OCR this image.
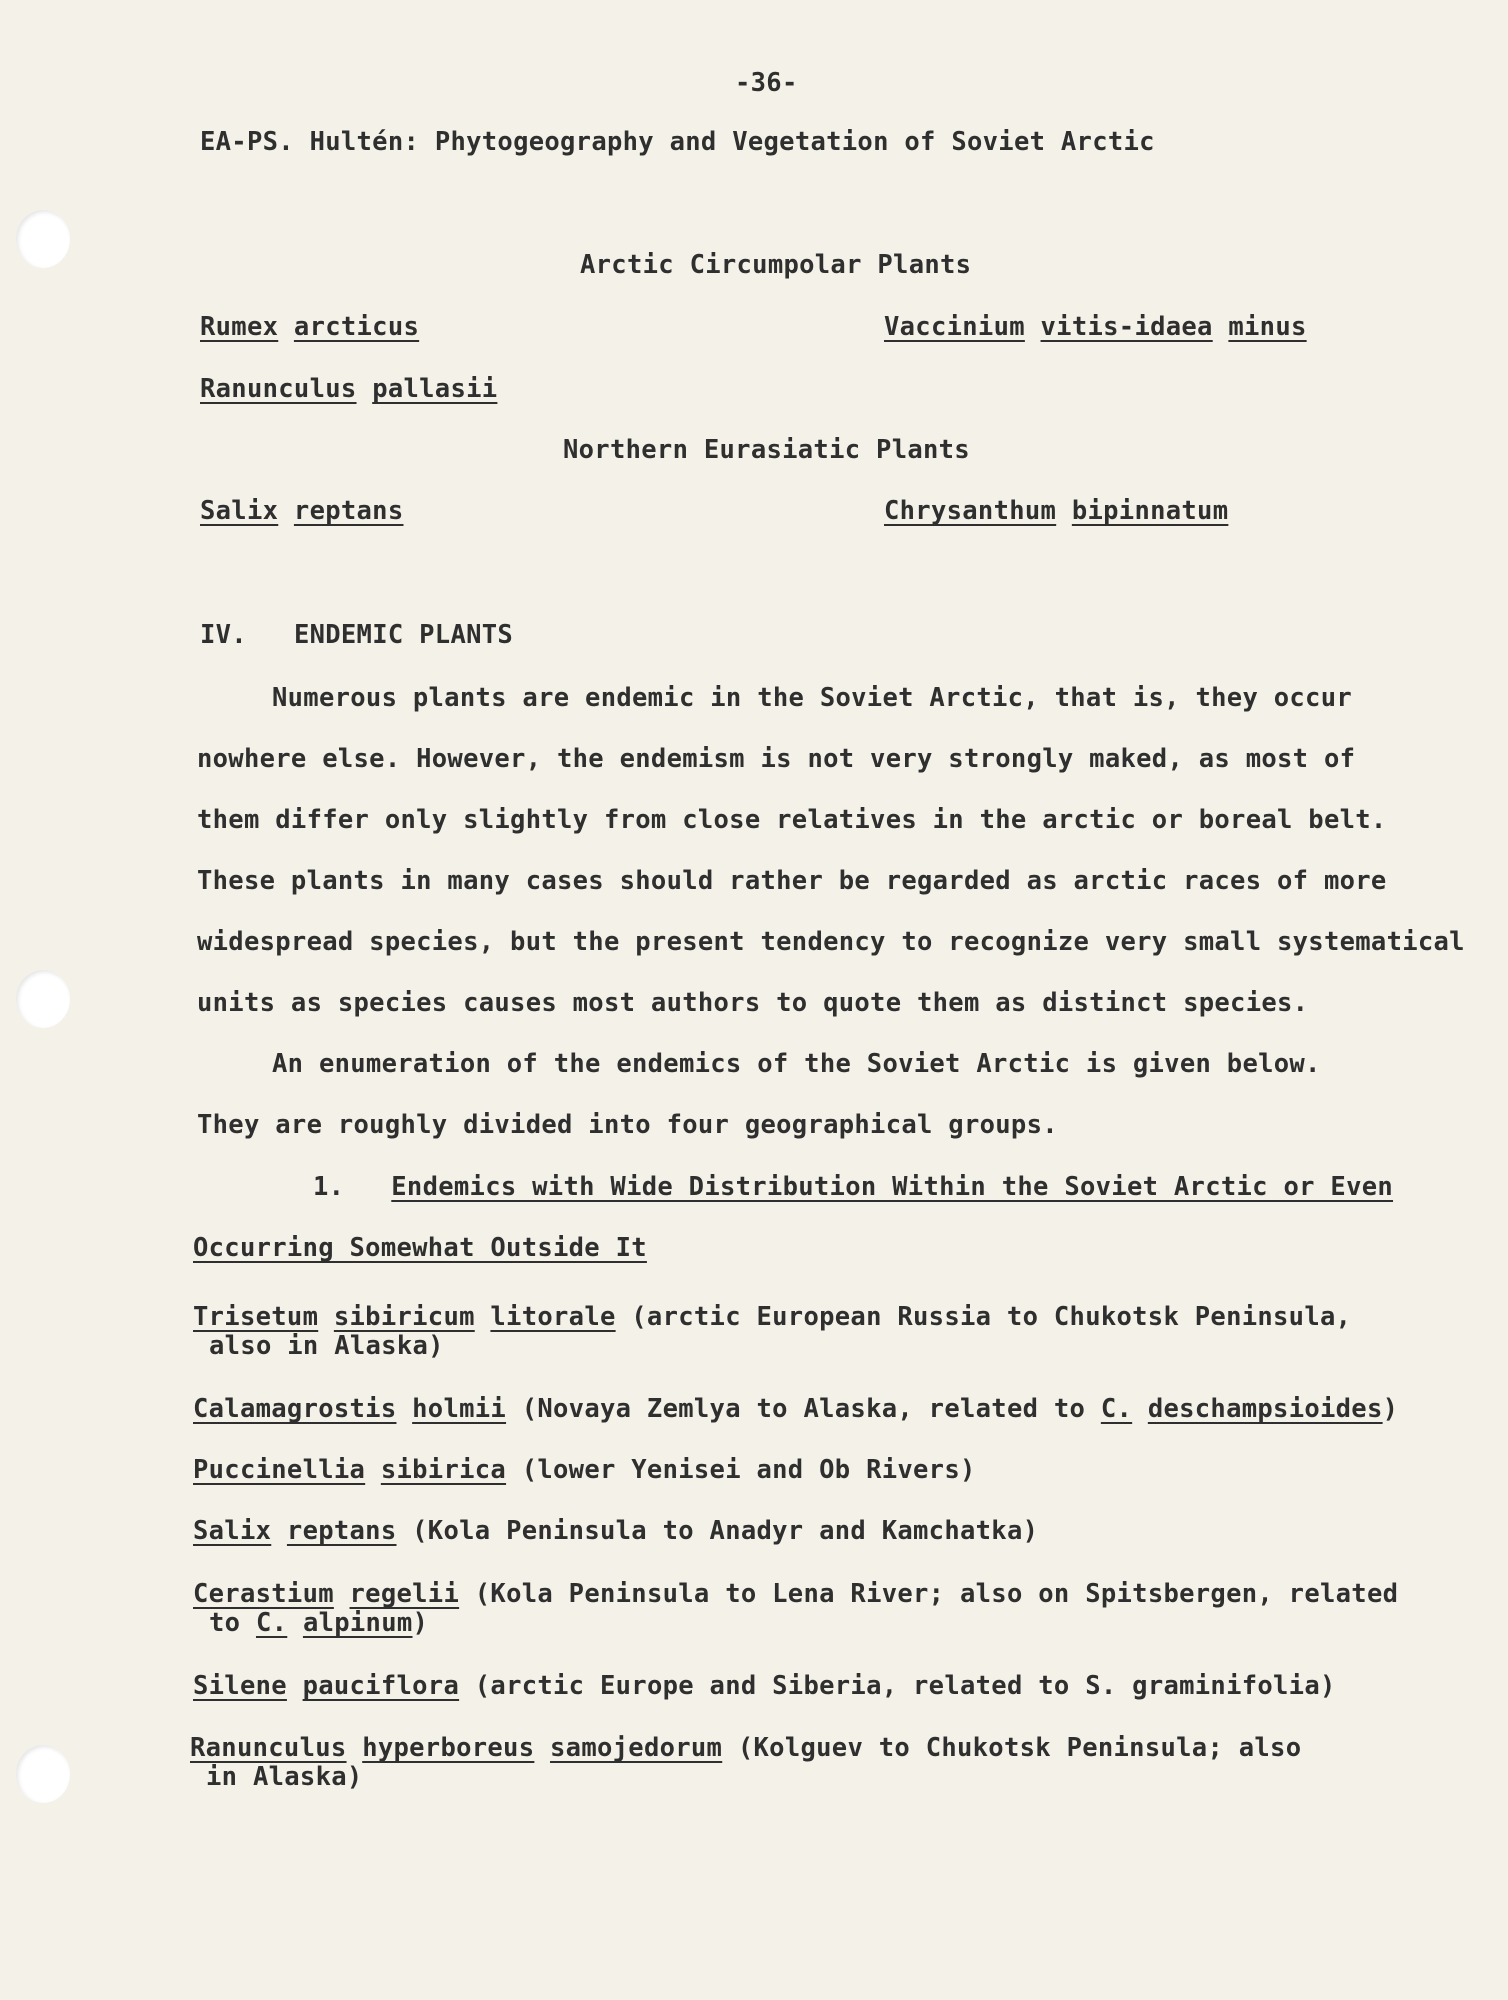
-36-
EA-PS. Hultén: Phytogeography and Vegetation of Soviet Arctic
Arctic Circumpolar Plants
Rumex arcticus	Vaccinium vitis-idaea minus
Ranunculus pallasii
Northern Eurasiatic Plants
Salix reptans	Chrysanthum bipinnatum
IV. ENDEMIC PLANTS
Numerous plants are endemic in the Soviet Arctic, that is, they occur
nowhere else. However, the endemism is not very strongly maked, as most of
them differ only slightly from close relatives in the arctic or boreal belt.
These plants in many cases should rather be regarded as arctic races of more
widespread species, but the present tendency to recognize very small systematical
units as species causes most authors to quote them as distinct species.
An enumeration of the endemics of the Soviet Arctic is given below.
They are roughly divided into four geographical groups.
1. Endemics with Wide Distribution Within the Soviet Arctic or Even
Occurring Somewhat Outside It
Trisetum sibiricum litorale (arctic European Russia to Chukotsk Peninsula,
also in Alaska)
Calamagrostis holmii (Novaya Zemlya to Alaska, related to C. deschampsioides)
Puccinellia sibirica (lower Yenisei and Ob Rivers)
Salix reptans (Kola Peninsula to Anadyr and Kamchatka)
Cerastium regelii (Kola Peninsula to Lena River; also on Spitsbergen, related
to C. alpinum)
Silene pauciflora (arctic Europe and Siberia, related to S. graminifolia)
Ranunculus hyperboreus samojedorum (Kolguev to Chukotsk Peninsula; also
in Alaska)
